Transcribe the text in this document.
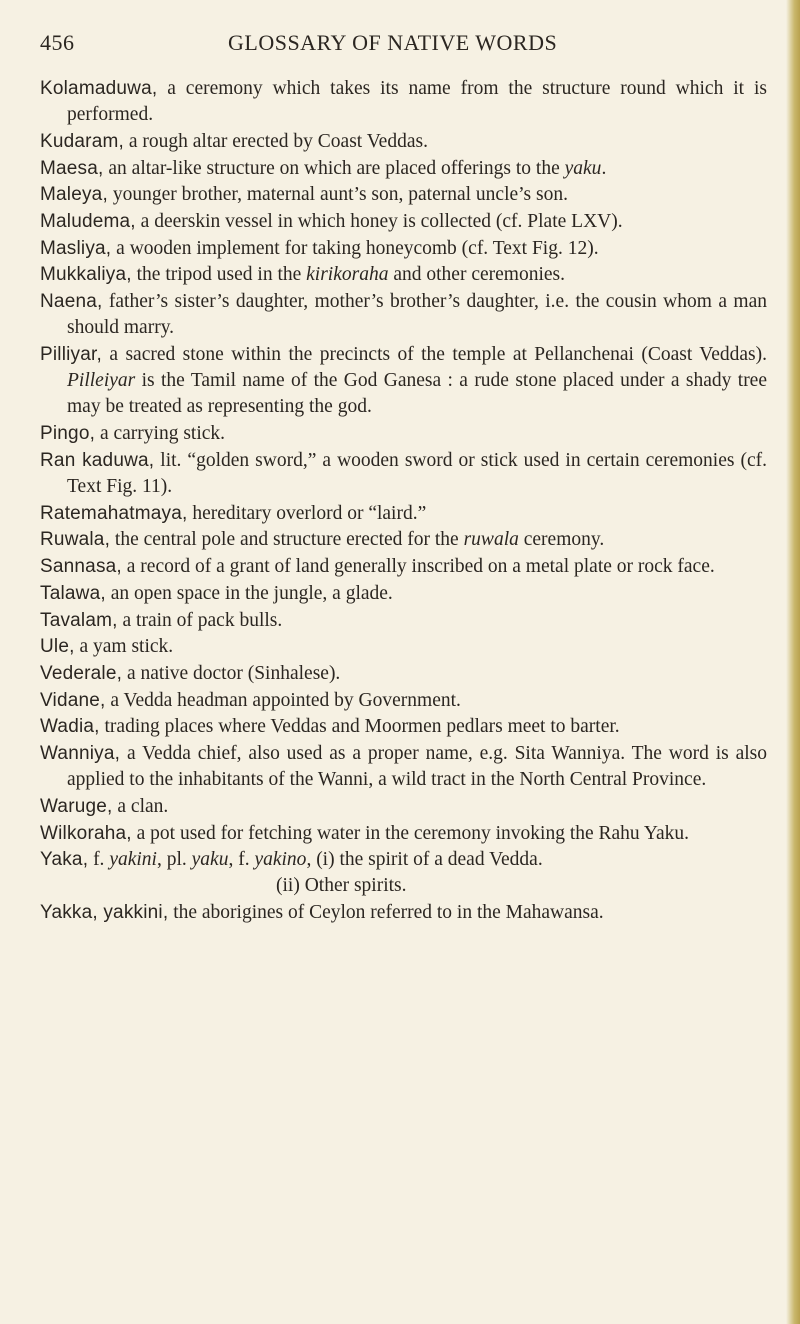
456	GLOSSARY OF NATIVE WORDS

Kolamaduwa, a ceremony which takes its name from the structure round which it is performed.

Kudaram, a rough altar erected by Coast Veddas.

Maesa, an altar-like structure on which are placed offerings to the yaku.

Maleya, younger brother, maternal aunt’s son, paternal uncle’s son.

Maludema, a deerskin vessel in which honey is collected (cf. Plate LXV).

Masliya, a wooden implement for taking honeycomb (cf. Text Fig. 12).

Mukkaliya, the tripod used in the kirikoraha and other ceremonies.

Naena, father’s sister’s daughter, mother’s brother’s daughter, i.e. the cousin whom a man should marry.

Pilliyar, a sacred stone within the precincts of the temple at Pellanchenai (Coast Veddas). Pilleiyar is the Tamil name of the God Ganesa : a rude stone placed under a shady tree may be treated as representing the god.

Pingo, a carrying stick.

Ran kaduwa, lit. “golden sword,” a wooden sword or stick used in certain ceremonies (cf. Text Fig. 11).

Ratemahatmaya, hereditary overlord or “laird.”

Ruwala, the central pole and structure erected for the ruwala ceremony.

Sannasa, a record of a grant of land generally inscribed on a metal plate or rock face.

Talawa, an open space in the jungle, a glade.

Tavalam, a train of pack bulls.

Ule, a yam stick.

Vederale, a native doctor (Sinhalese).

Vidane, a Vedda headman appointed by Government.

Wadia, trading places where Veddas and Moormen pedlars meet to barter.

Wanniya, a Vedda chief, also used as a proper name, e.g. Sita Wanniya. The word is also applied to the inhabitants of the Wanni, a wild tract in the North Central Province.

Waruge, a clan.

Wilkoraha, a pot used for fetching water in the ceremony invoking the Rahu Yaku.

Yaka, f. yakini, pl. yaku, f. yakino, (i) the spirit of a dead Vedda.

(ii) Other spirits.

Yakka, yakkini, the aborigines of Ceylon referred to in the Mahawansa.
